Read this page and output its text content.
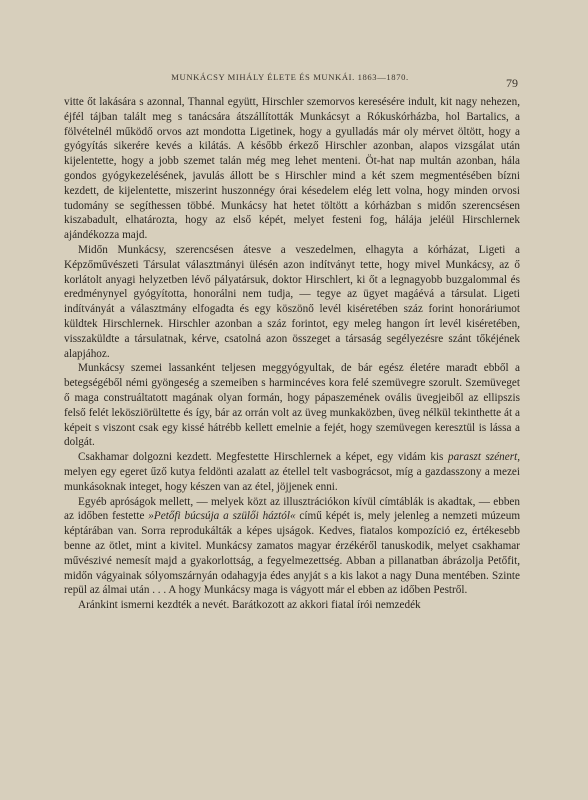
MUNKÁCSY MIHÁLY ÉLETE ÉS MUNKÁI. 1863—1870.	79

vitte őt lakására s azonnal, Thannal együtt, Hirschler szemorvos keresésére indult, kit nagy nehezen, éjfél tájban talált meg s tanácsára átszállították Munkácsyt a Rókuskórházba, hol Bartalics, a fölvételnél működő orvos azt mondotta Ligetinek, hogy a gyulladás már oly mérvet öltött, hogy a gyógyítás sikerére kevés a kilátás. A később érkező Hirschler azonban, alapos vizsgálat után kijelentette, hogy a jobb szemet talán még meg lehet menteni. Öt-hat nap multán azonban, hála gondos gyógykezelésének, javulás állott be s Hirschler mind a két szem megmentésében bízni kezdett, de kijelentette, miszerint huszonnégy órai késedelem elég lett volna, hogy minden orvosi tudomány se segíthessen többé. Munkácsy hat hetet töltött a kórházban s midőn szerencsésen kiszabadult, elhatározta, hogy az első képét, melyet festeni fog, hálája jeléül Hirschlernek ajándékozza majd.

Midőn Munkácsy, szerencsésen átesve a veszedelmen, elhagyta a kórházat, Ligeti a Képzőművészeti Társulat választmányi ülésén azon indítványt tette, hogy mivel Munkácsy, az ő korlátolt anyagi helyzetben lévő pályatársuk, doktor Hirschlert, ki őt a legnagyobb buzgalommal és eredménynyel gyógyította, honorálni nem tudja, — tegye az ügyet magáévá a társulat. Ligeti indítványát a választmány elfogadta és egy köszönő levél kiséretében száz forint honoráriumot küldtek Hirschlernek. Hirschler azonban a száz forintot, egy meleg hangon írt levél kiséretében, visszaküldte a társulatnak, kérve, csatolná azon összeget a társaság segélyezésre szánt tőkéjének alapjához.

Munkácsy szemei lassanként teljesen meggyógyultak, de bár egész életére maradt ebből a betegségéből némi gyöngeség a szemeiben s harmincéves kora felé szemüvegre szorult. Szemüveget ő maga construáltatott magának olyan formán, hogy pápaszemének ovális üvegjeiből az ellipszis felső felét lekösziörültette és így, bár az orrán volt az üveg munkaközben, üveg nélkül tekinthette át a képeit s viszont csak egy kissé hátrébb kellett emelnie a fejét, hogy szemüvegen keresztül is lássa a dolgát.

Csakhamar dolgozni kezdett. Megfestette Hirschlernek a képet, egy vidám kis paraszt szénert, melyen egy egeret űző kutya feldönti azalatt az étellel telt vasbográcsot, míg a gazdasszony a mezei munkásoknak integet, hogy készen van az étel, jöjjenek enni.

Egyéb apróságok mellett, — melyek közt az illusztrációkon kívül címtáblák is akadtak, — ebben az időben festette »Petőfi búcsúja a szülői háztól« című képét is, mely jelenleg a nemzeti múzeum képtárában van. Sorra reprodukálták a képes ujságok. Kedves, fiatalos kompozíció ez, értékesebb benne az ötlet, mint a kivitel. Munkácsy zamatos magyar érzékéről tanuskodik, melyet csakhamar művészivé nemesít majd a gyakorlottság, a fegyelmezettség. Abban a pillanatban ábrázolja Petőfit, midőn vágyainak sólyomszárnyán odahagyja édes anyját s a kis lakot a nagy Duna mentében. Szinte repül az álmai után . . . A hogy Munkácsy maga is vágyott már el ebben az időben Pestről.

Aránkint ismerni kezdték a nevét. Barátkozott az akkori fiatal írói nemzedék
